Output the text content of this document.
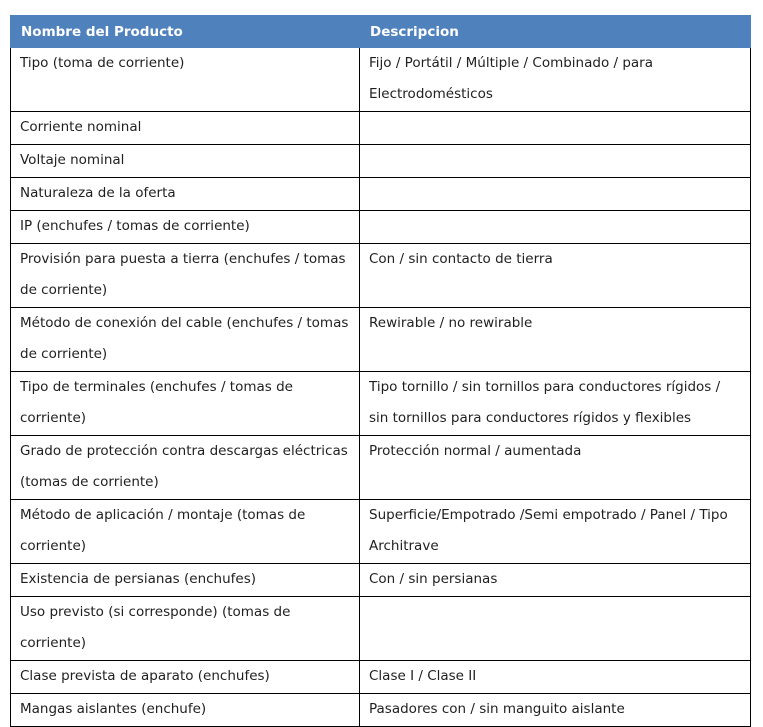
Nombre del Producto	Descripcion

Tipo (toma de corriente)	Fijo / Portátil / Múltiple / Combinado / para Electrodomésticos

Corriente nominal	

Voltaje nominal	

Naturaleza de la oferta	

IP (enchufes / tomas de corriente)	

Provisión para puesta a tierra (enchufes / tomas de corriente)	Con / sin contacto de tierra

Método de conexión del cable (enchufes / tomas de corriente)	Rewirable / no rewirable

Tipo de terminales (enchufes / tomas de corriente)	Tipo tornillo / sin tornillos para conductores rígidos / sin tornillos para conductores rígidos y flexibles

Grado de protección contra descargas eléctricas (tomas de corriente)	Protección normal / aumentada

Método de aplicación / montaje (tomas de corriente)	Superficie/Empotrado /Semi empotrado / Panel / Tipo Architrave

Existencia de persianas (enchufes)	Con / sin persianas

Uso previsto (si corresponde) (tomas de corriente)	

Clase prevista de aparato (enchufes)	Clase I / Clase II

Mangas aislantes (enchufe)	Pasadores con / sin manguito aislante
